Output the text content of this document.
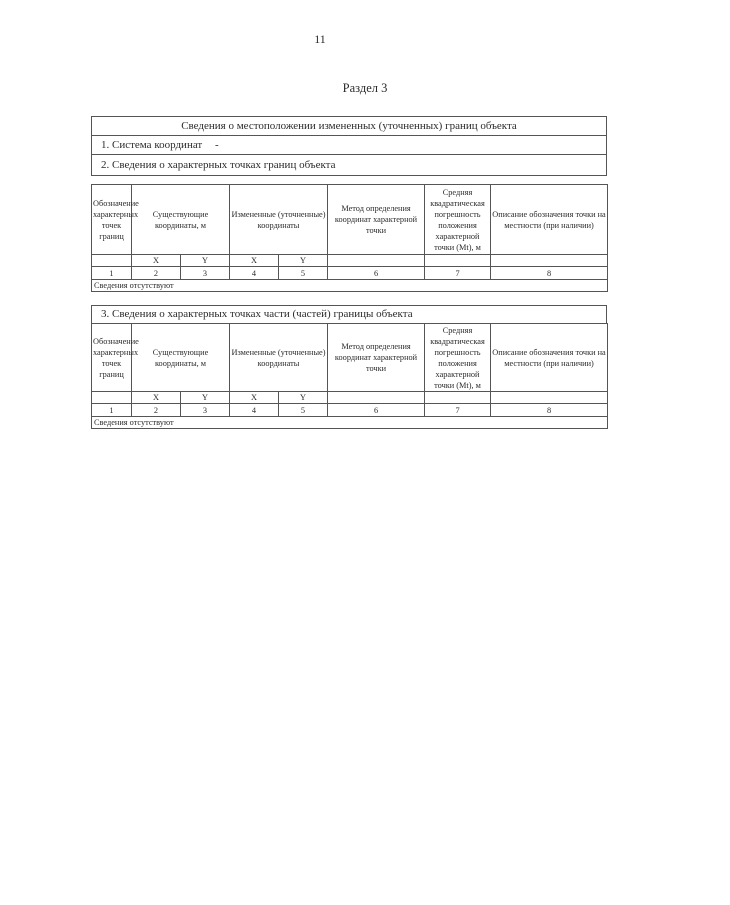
11
Раздел 3
Сведения о местоположении измененных (уточненных) границ объекта
1. Система координат -
2. Сведения о характерных точках границ объекта
Обозначение характерных точек границ	Существующие координаты, м		Измененные (уточненные) координаты		Метод определения координат характерной точки	Средняя квадратическая погрешность положения характерной точки (Mt), м	Описание обозначения точки на местности (при наличии)
	X	Y	X	Y			
1	2	3	4	5	6	7	8
Сведения отсутствуют							
3. Сведения о характерных точках части (частей) границы объекта
Обозначение характерных точек границ	Существующие координаты, м		Измененные (уточненные) координаты		Метод определения координат характерной точки	Средняя квадратическая погрешность положения характерной точки (Mt), м	Описание обозначения точки на местности (при наличии)
	X	Y	X	Y			
1	2	3	4	5	6	7	8
Сведения отсутствуют							
